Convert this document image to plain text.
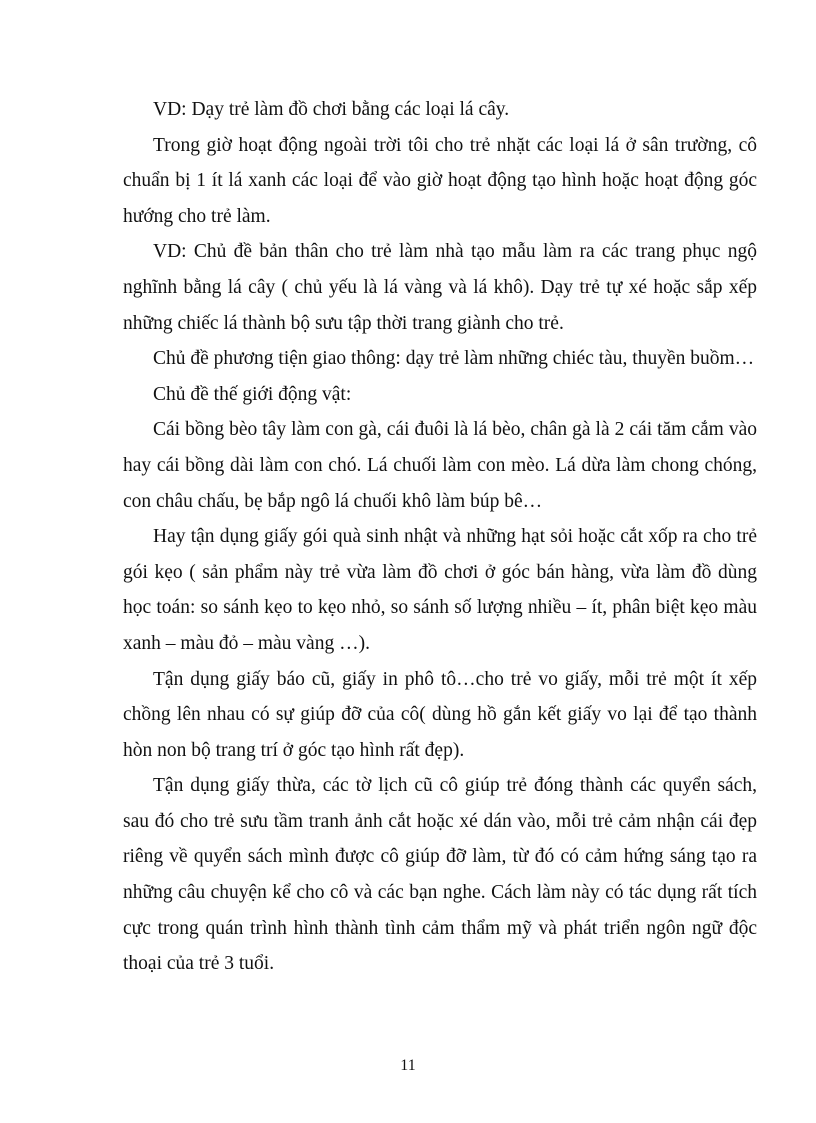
VD: Dạy trẻ làm đồ chơi bằng các loại lá cây.

Trong giờ hoạt động ngoài trời tôi cho trẻ nhặt các loại lá ở sân trường, cô chuẩn bị 1 ít lá xanh các loại để vào giờ hoạt động tạo hình hoặc hoạt động góc hướng cho trẻ làm.

VD: Chủ đề bản thân cho trẻ làm nhà tạo mẫu làm ra các trang phục ngộ nghĩnh bằng lá cây ( chủ yếu là lá vàng và lá khô). Dạy trẻ tự xé hoặc sắp xếp những chiếc lá thành bộ sưu tập thời trang giành cho trẻ.

Chủ đề phương tiện giao thông: dạy trẻ làm những chiéc tàu, thuyền buồm…

Chủ đề thế giới động vật:

Cái bồng bèo tây làm con gà, cái đuôi là lá bèo, chân gà là 2 cái tăm cắm vào hay cái bồng dài làm con chó. Lá chuối làm con mèo. Lá dừa làm chong chóng, con châu chấu, bẹ bắp ngô lá chuối khô làm búp bê…

Hay tận dụng giấy gói quà sinh nhật và những hạt sỏi hoặc cắt xốp ra cho trẻ gói kẹo ( sản phẩm này trẻ vừa làm đồ chơi ở góc bán hàng, vừa làm đồ dùng học toán: so sánh kẹo to kẹo nhỏ, so sánh số lượng nhiều – ít, phân biệt kẹo màu xanh – màu đỏ – màu vàng …).

Tận dụng giấy báo cũ, giấy in phô tô…cho trẻ vo giấy, mỗi trẻ một ít xếp chồng lên nhau có sự giúp đỡ của cô( dùng hồ gắn kết giấy vo lại để tạo thành hòn non bộ trang trí ở góc tạo hình rất đẹp).

Tận dụng giấy thừa, các tờ lịch cũ cô giúp trẻ đóng thành các quyển sách, sau đó cho trẻ sưu tầm tranh ảnh cắt hoặc xé dán vào, mỗi trẻ cảm nhận cái đẹp riêng về quyển sách mình được cô giúp đỡ làm, từ đó có cảm hứng sáng tạo ra những câu chuyện kể cho cô và các bạn nghe. Cách làm này có tác dụng rất tích cực trong quán trình hình thành tình cảm thẩm mỹ và phát triển ngôn ngữ độc thoại của trẻ 3 tuổi.

11
